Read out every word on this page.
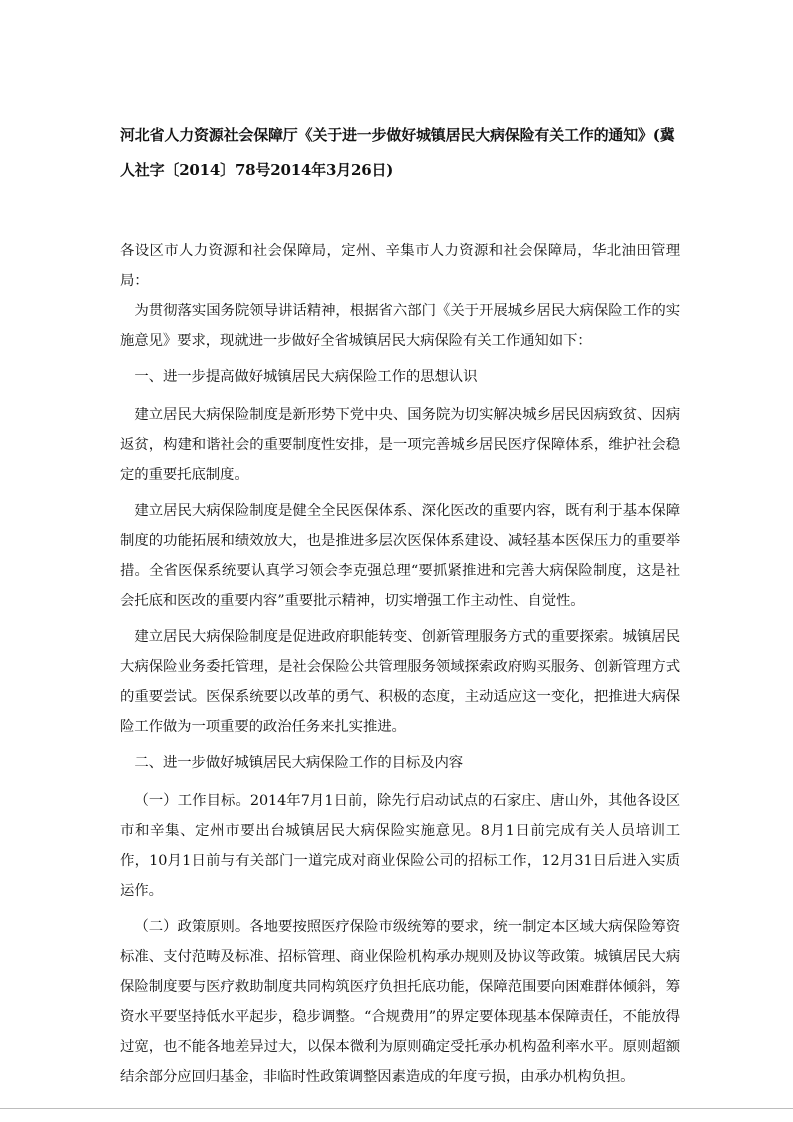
河北省人力资源社会保障厅《关于进一步做好城镇居民大病保险有关工作的通知》(冀人社字〔2014〕78号2014年3月26日)

各设区市人力资源和社会保障局，定州、辛集市人力资源和社会保障局，华北油田管理局：

为贯彻落实国务院领导讲话精神，根据省六部门《关于开展城乡居民大病保险工作的实施意见》要求，现就进一步做好全省城镇居民大病保险有关工作通知如下：

一、进一步提高做好城镇居民大病保险工作的思想认识

建立居民大病保险制度是新形势下党中央、国务院为切实解决城乡居民因病致贫、因病返贫，构建和谐社会的重要制度性安排，是一项完善城乡居民医疗保障体系，维护社会稳定的重要托底制度。

建立居民大病保险制度是健全全民医保体系、深化医改的重要内容，既有利于基本保障制度的功能拓展和绩效放大，也是推进多层次医保体系建设、减轻基本医保压力的重要举措。全省医保系统要认真学习领会李克强总理“要抓紧推进和完善大病保险制度，这是社会托底和医改的重要内容”重要批示精神，切实增强工作主动性、自觉性。

建立居民大病保险制度是促进政府职能转变、创新管理服务方式的重要探索。城镇居民大病保险业务委托管理，是社会保险公共管理服务领域探索政府购买服务、创新管理方式的重要尝试。医保系统要以改革的勇气、积极的态度，主动适应这一变化，把推进大病保险工作做为一项重要的政治任务来扎实推进。

二、进一步做好城镇居民大病保险工作的目标及内容

（一）工作目标。2014年7月1日前，除先行启动试点的石家庄、唐山外，其他各设区市和辛集、定州市要出台城镇居民大病保险实施意见。8月1日前完成有关人员培训工作，10月1日前与有关部门一道完成对商业保险公司的招标工作，12月31日后进入实质运作。

（二）政策原则。各地要按照医疗保险市级统筹的要求，统一制定本区域大病保险筹资标准、支付范畴及标准、招标管理、商业保险机构承办规则及协议等政策。城镇居民大病保险制度要与医疗救助制度共同构筑医疗负担托底功能，保障范围要向困难群体倾斜，筹资水平要坚持低水平起步，稳步调整。“合规费用”的界定要体现基本保障责任，不能放得过宽，也不能各地差异过大，以保本微利为原则确定受托承办机构盈利率水平。原则超额结余部分应回归基金，非临时性政策调整因素造成的年度亏损，由承办机构负担。
